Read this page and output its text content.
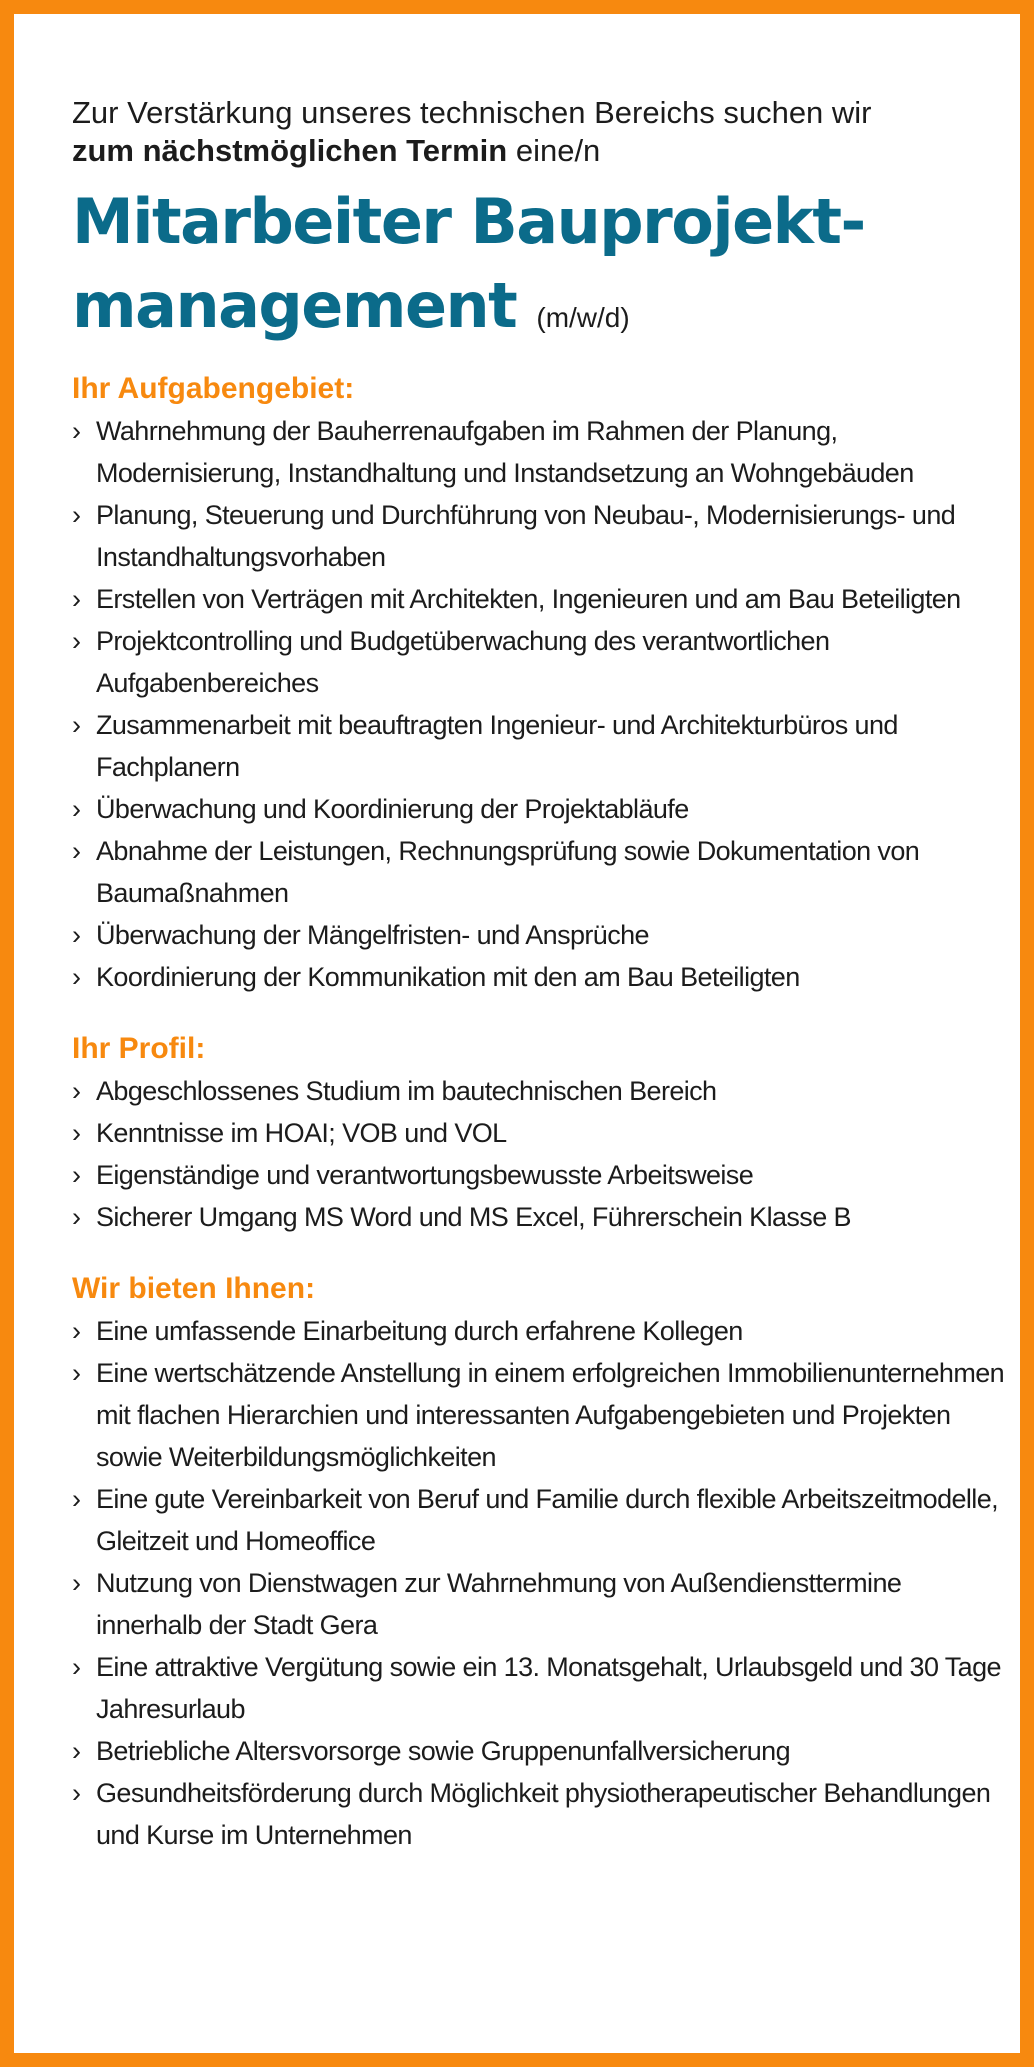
Zur Verstärkung unseres technischen Bereichs suchen wir
zum nächstmöglichen Termin eine/n

Mitarbeiter Bauprojekt-
management (m/w/d)
Ihr Aufgabengebiet:
› Wahrnehmung der Bauherrenaufgaben im Rahmen der Planung, Modernisierung, Instandhaltung und Instandsetzung an Wohngebäuden
› Planung, Steuerung und Durchführung von Neubau-, Modernisierungs- und Instandhaltungsvorhaben
› Erstellen von Verträgen mit Architekten, Ingenieuren und am Bau Beteiligten
› Projektcontrolling und Budgetüberwachung des verantwortlichen Aufgabenbereiches
› Zusammenarbeit mit beauftragten Ingenieur- und Architekturbüros und Fachplanern
› Überwachung und Koordinierung der Projektabläufe
› Abnahme der Leistungen, Rechnungsprüfung sowie Dokumentation von Baumaßnahmen
› Überwachung der Mängelfristen- und Ansprüche
› Koordinierung der Kommunikation mit den am Bau Beteiligten
Ihr Profil:
› Abgeschlossenes Studium im bautechnischen Bereich
› Kenntnisse im HOAI; VOB und VOL
› Eigenständige und verantwortungsbewusste Arbeitsweise
› Sicherer Umgang MS Word und MS Excel, Führerschein Klasse B
Wir bieten Ihnen:
› Eine umfassende Einarbeitung durch erfahrene Kollegen
› Eine wertschätzende Anstellung in einem erfolgreichen Immobilienunternehmen mit flachen Hierarchien und interessanten Aufgabengebieten und Projekten sowie Weiterbildungsmöglichkeiten
› Eine gute Vereinbarkeit von Beruf und Familie durch flexible Arbeitszeitmodelle, Gleitzeit und Homeoffice
› Nutzung von Dienstwagen zur Wahrnehmung von Außendiensttermine innerhalb der Stadt Gera
› Eine attraktive Vergütung sowie ein 13. Monatsgehalt, Urlaubsgeld und 30 Tage Jahresurlaub
› Betriebliche Altersvorsorge sowie Gruppenunfallversicherung
› Gesundheitsförderung durch Möglichkeit physiotherapeutischer Behandlungen und Kurse im Unternehmen
